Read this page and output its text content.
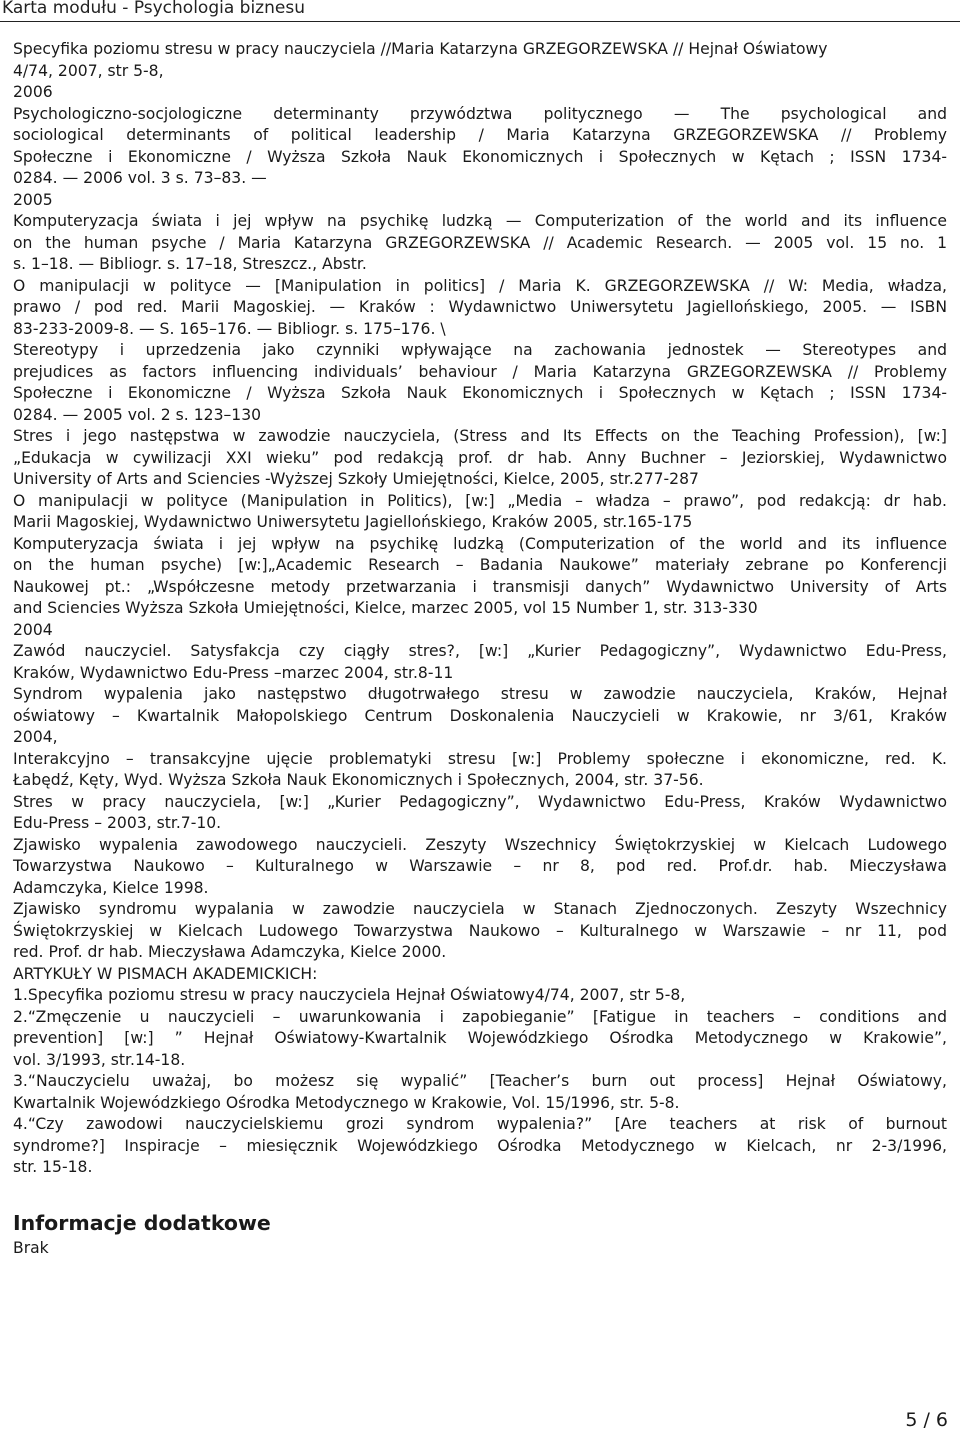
Karta modułu - Psychologia biznesu
Specyfika poziomu stresu w pracy nauczyciela //Maria Katarzyna GRZEGORZEWSKA // Hejnał Oświatowy
4/74, 2007, str 5-8,
2006
Psychologiczno-socjologiczne determinanty przywództwa politycznego — The psychological and
sociological determinants of political leadership / Maria Katarzyna GRZEGORZEWSKA // Problemy
Społeczne i Ekonomiczne / Wyższa Szkoła Nauk Ekonomicznych i Społecznych w Kętach ; ISSN 1734-
0284. — 2006 vol. 3 s. 73–83. —
2005
Komputeryzacja świata i jej wpływ na psychikę ludzką — Computerization of the world and its influence
on the human psyche / Maria Katarzyna GRZEGORZEWSKA // Academic Research. — 2005 vol. 15 no. 1
s. 1–18. — Bibliogr. s. 17–18, Streszcz., Abstr.
O manipulacji w polityce — [Manipulation in politics] / Maria K. GRZEGORZEWSKA // W: Media, władza,
prawo / pod red. Marii Magoskiej. — Kraków : Wydawnictwo Uniwersytetu Jagiellońskiego, 2005. — ISBN
83-233-2009-8. — S. 165–176. — Bibliogr. s. 175–176. \
Stereotypy i uprzedzenia jako czynniki wpływające na zachowania jednostek — Stereotypes and
prejudices as factors influencing individuals’ behaviour / Maria Katarzyna GRZEGORZEWSKA // Problemy
Społeczne i Ekonomiczne / Wyższa Szkoła Nauk Ekonomicznych i Społecznych w Kętach ; ISSN 1734-
0284. — 2005 vol. 2 s. 123–130
Stres i jego następstwa w zawodzie nauczyciela, (Stress and Its Effects on the Teaching Profession), [w:]
„Edukacja w cywilizacji XXI wieku” pod redakcją prof. dr hab. Anny Buchner – Jeziorskiej, Wydawnictwo
University of Arts and Sciencies -Wyższej Szkoły Umiejętności, Kielce, 2005, str.277-287
O manipulacji w polityce (Manipulation in Politics), [w:] „Media – władza – prawo”, pod redakcją: dr hab.
Marii Magoskiej, Wydawnictwo Uniwersytetu Jagiellońskiego, Kraków 2005, str.165-175
Komputeryzacja świata i jej wpływ na psychikę ludzką (Computerization of the world and its influence
on the human psyche) [w:]„Academic Research – Badania Naukowe” materiały zebrane po Konferencji
Naukowej pt.: „Współczesne metody przetwarzania i transmisji danych” Wydawnictwo University of Arts
and Sciencies Wyższa Szkoła Umiejętności, Kielce, marzec 2005, vol 15 Number 1, str. 313-330
2004
Zawód nauczyciel. Satysfakcja czy ciągły stres?, [w:] „Kurier Pedagogiczny”, Wydawnictwo Edu-Press,
Kraków, Wydawnictwo Edu-Press –marzec 2004, str.8-11
Syndrom wypalenia jako następstwo długotrwałego stresu w zawodzie nauczyciela, Kraków, Hejnał
oświatowy – Kwartalnik Małopolskiego Centrum Doskonalenia Nauczycieli w Krakowie, nr 3/61, Kraków
2004,
Interakcyjno – transakcyjne ujęcie problematyki stresu [w:] Problemy społeczne i ekonomiczne, red. K.
Łabędź, Kęty, Wyd. Wyższa Szkoła Nauk Ekonomicznych i Społecznych, 2004, str. 37-56.
Stres w pracy nauczyciela, [w:] „Kurier Pedagogiczny”, Wydawnictwo Edu-Press, Kraków Wydawnictwo
Edu-Press – 2003, str.7-10.
Zjawisko wypalenia zawodowego nauczycieli. Zeszyty Wszechnicy Świętokrzyskiej w Kielcach Ludowego
Towarzystwa Naukowo – Kulturalnego w Warszawie – nr 8, pod red. Prof.dr. hab. Mieczysława
Adamczyka, Kielce 1998.
Zjawisko syndromu wypalania w zawodzie nauczyciela w Stanach Zjednoczonych. Zeszyty Wszechnicy
Świętokrzyskiej w Kielcach Ludowego Towarzystwa Naukowo – Kulturalnego w Warszawie – nr 11, pod
red. Prof. dr hab. Mieczysława Adamczyka, Kielce 2000.
ARTYKUŁY W PISMACH AKADEMICKICH:
1.Specyfika poziomu stresu w pracy nauczyciela Hejnał Oświatowy4/74, 2007, str 5-8,
2.“Zmęczenie u nauczycieli – uwarunkowania i zapobieganie” [Fatigue in teachers – conditions and
prevention] [w:] ” Hejnał Oświatowy-Kwartalnik Wojewódzkiego Ośrodka Metodycznego w Krakowie”,
vol. 3/1993, str.14-18.
3.“Nauczycielu uważaj, bo możesz się wypalić” [Teacher’s burn out process] Hejnał Oświatowy,
Kwartalnik Wojewódzkiego Ośrodka Metodycznego w Krakowie, Vol. 15/1996, str. 5-8.
4.“Czy zawodowi nauczycielskiemu grozi syndrom wypalenia?” [Are teachers at risk of burnout
syndrome?] Inspiracje – miesięcznik Wojewódzkiego Ośrodka Metodycznego w Kielcach, nr 2-3/1996,
str. 15-18.
Informacje dodatkowe
Brak
5 / 6
